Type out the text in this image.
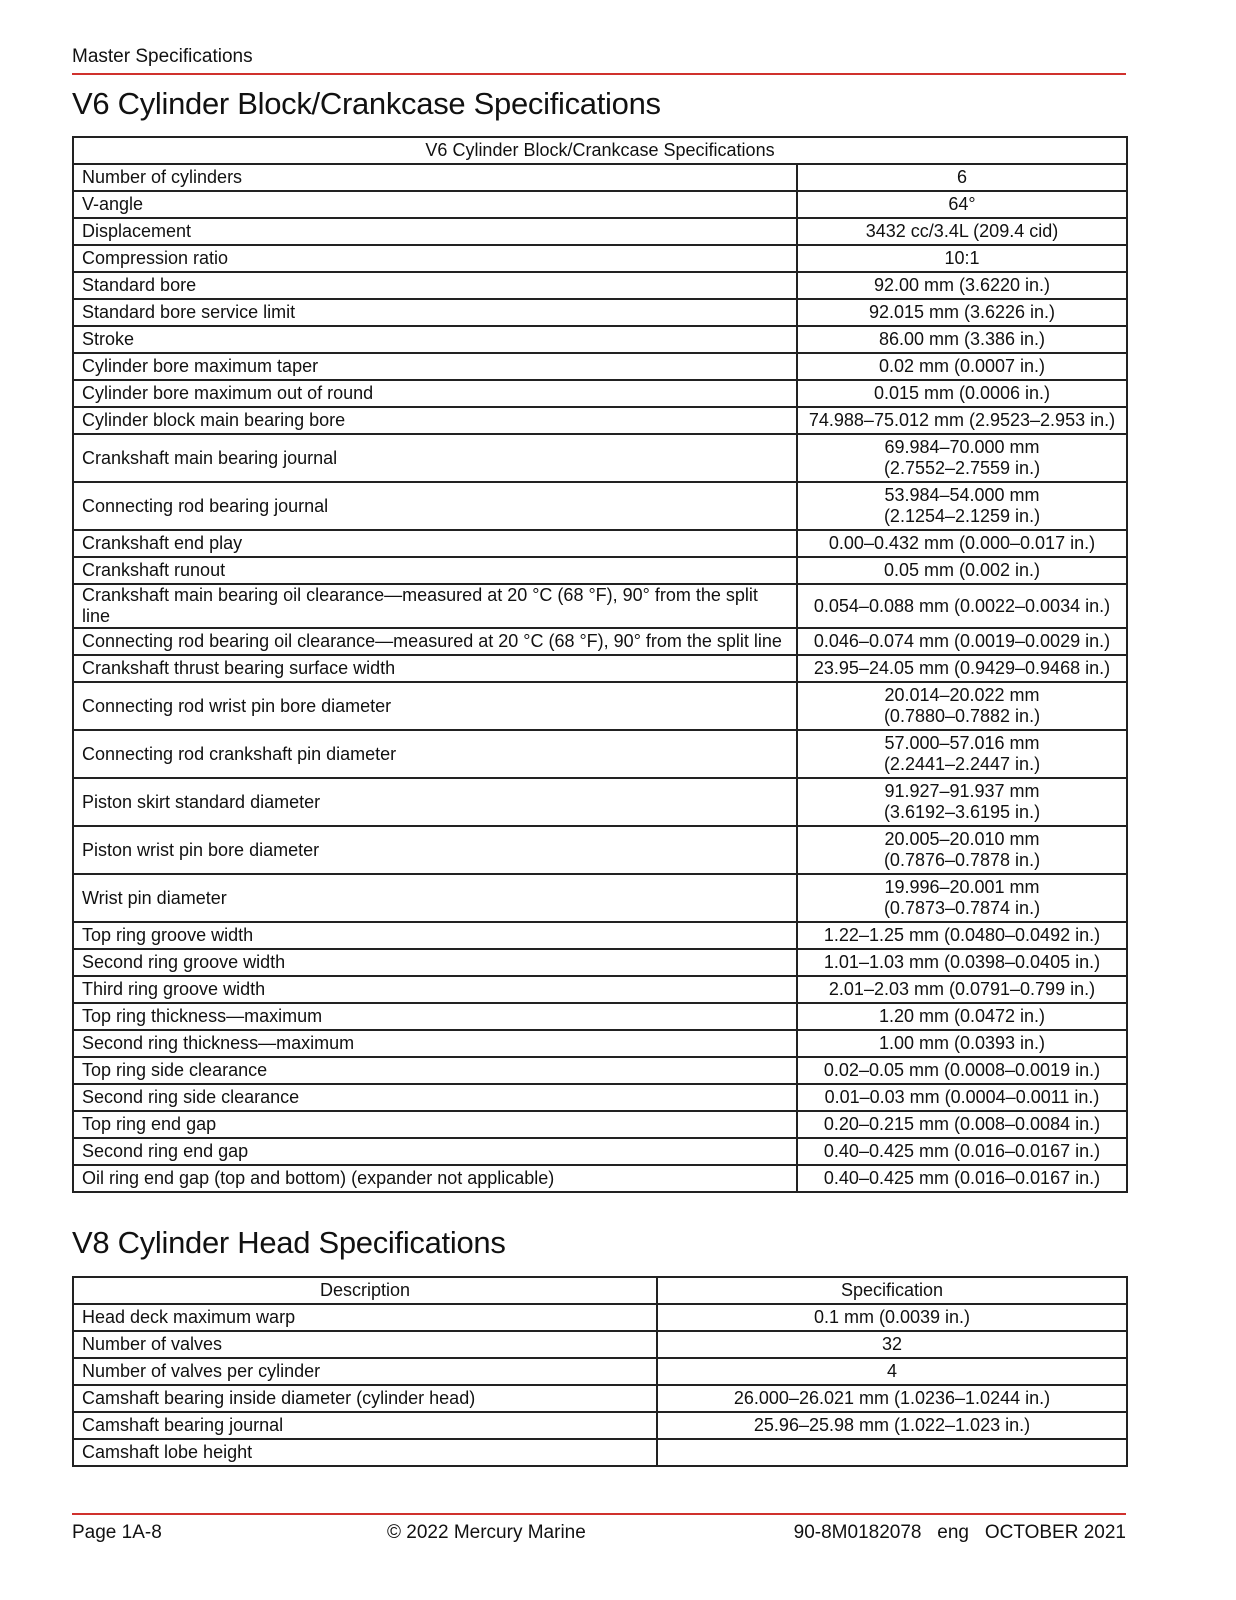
Master Specifications
V6 Cylinder Block/Crankcase Specifications
V6 Cylinder Block/Crankcase Specifications	
Number of cylinders	6
V-angle	64°
Displacement	3432 cc/3.4L (209.4 cid)
Compression ratio	10:1
Standard bore	92.00 mm (3.6220 in.)
Standard bore service limit	92.015 mm (3.6226 in.)
Stroke	86.00 mm (3.386 in.)
Cylinder bore maximum taper	0.02 mm (0.0007 in.)
Cylinder bore maximum out of round	0.015 mm (0.0006 in.)
Cylinder block main bearing bore	74.988–75.012 mm (2.9523–2.953 in.)
Crankshaft main bearing journal	69.984–70.000 mm
(2.7552–2.7559 in.)

Connecting rod bearing journal	53.984–54.000 mm
(2.1254–2.1259 in.)

Crankshaft end play	0.00–0.432 mm (0.000–0.017 in.)
Crankshaft runout	0.05 mm (0.002 in.)
Crankshaft main bearing oil clearance—measured at 20 °C (68 °F), 90° from the split line	0.054–0.088 mm (0.0022–0.0034 in.)
Connecting rod bearing oil clearance—measured at 20 °C (68 °F), 90° from the split line	0.046–0.074 mm (0.0019–0.0029 in.)
Crankshaft thrust bearing surface width	23.95–24.05 mm (0.9429–0.9468 in.)
Connecting rod wrist pin bore diameter	20.014–20.022 mm
(0.7880–0.7882 in.)

Connecting rod crankshaft pin diameter	57.000–57.016 mm
(2.2441–2.2447 in.)

Piston skirt standard diameter	91.927–91.937 mm
(3.6192–3.6195 in.)

Piston wrist pin bore diameter	20.005–20.010 mm
(0.7876–0.7878 in.)

Wrist pin diameter	19.996–20.001 mm
(0.7873–0.7874 in.)

Top ring groove width	1.22–1.25 mm (0.0480–0.0492 in.)
Second ring groove width	1.01–1.03 mm (0.0398–0.0405 in.)
Third ring groove width	2.01–2.03 mm (0.0791–0.799 in.)
Top ring thickness—maximum	1.20 mm (0.0472 in.)
Second ring thickness—maximum	1.00 mm (0.0393 in.)
Top ring side clearance	0.02–0.05 mm (0.0008–0.0019 in.)
Second ring side clearance	0.01–0.03 mm (0.0004–0.0011 in.)
Top ring end gap	0.20–0.215 mm (0.008–0.0084 in.)
Second ring end gap	0.40–0.425 mm (0.016–0.0167 in.)
Oil ring end gap (top and bottom) (expander not applicable)	0.40–0.425 mm (0.016–0.0167 in.)
V8 Cylinder Head Specifications
Description	Specification
Head deck maximum warp	0.1 mm (0.0039 in.)
Number of valves	32
Number of valves per cylinder	4
Camshaft bearing inside diameter (cylinder head)	26.000–26.021 mm (1.0236–1.0244 in.)
Camshaft bearing journal	25.96–25.98 mm (1.022–1.023 in.)
Camshaft lobe height	
Page 1A-8	© 2022 Mercury Marine	90-8M0182078   eng   OCTOBER 2021
